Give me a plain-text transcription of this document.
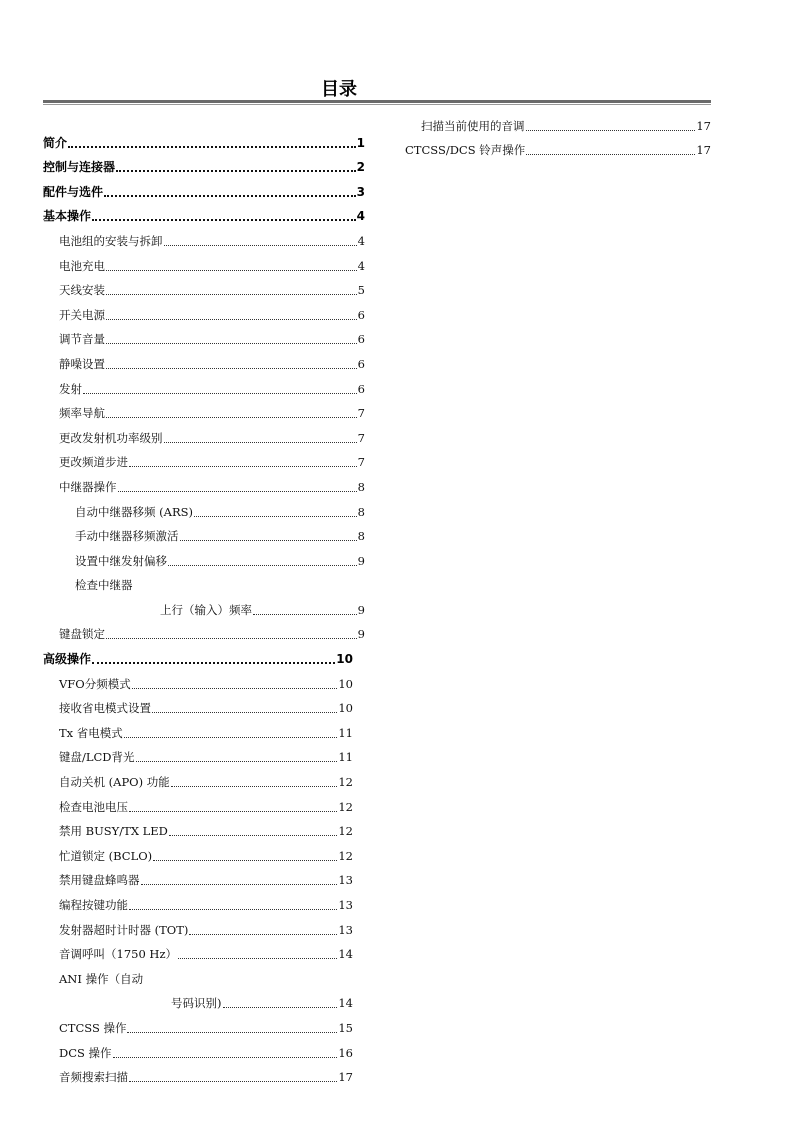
目录
简介	1
控制与连接器	2
配件与选件	3
基本操作	4
电池组的安装与拆卸	4
电池充电	4
天线安装	5
开关电源	6
调节音量	6
静噪设置	6
发射	6
频率导航	7
更改发射机功率级别	7
更改频道步进	7
中继器操作	8
自动中继器移频 (ARS)	8
手动中继器移频激活	8
设置中继发射偏移	9
检查中继器
上行（输入）频率	9
键盘锁定	9
高级操作	10
VFO分频模式	10
接收省电模式设置	10
Tx 省电模式	11
键盘/LCD背光	11
自动关机 (APO) 功能	12
检查电池电压	12
禁用 BUSY/TX LED	12
忙道锁定 (BCLO)	12
禁用键盘蜂鸣器	13
编程按键功能	13
发射器超时计时器 (TOT)	13
音调呼叫（1750 Hz）	14
ANI 操作（自动
号码识别)	14
CTCSS 操作	15
DCS 操作	16
音频搜索扫描	17
扫描当前使用的音调	17
CTCSS/DCS 铃声操作	17
